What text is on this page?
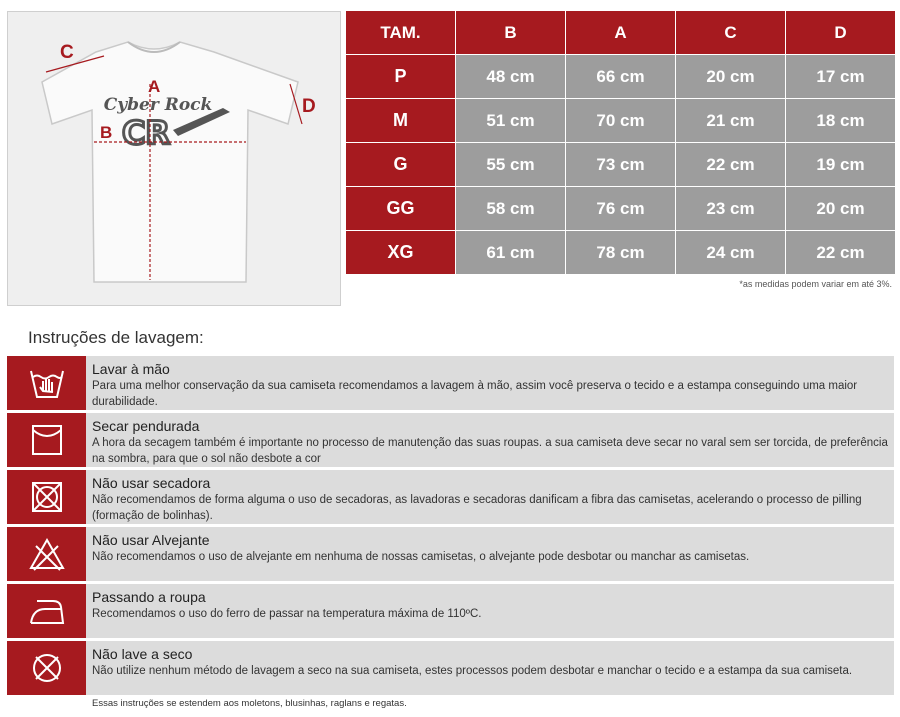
Cyber Rock
CR
A
B
C
D
TAM.	B	A	C	D
P	48 cm	66 cm	20 cm	17 cm
M	51 cm	70 cm	21 cm	18 cm
G	55 cm	73 cm	22 cm	19 cm
GG	58 cm	76 cm	23 cm	20 cm
XG	61 cm	78 cm	24 cm	22 cm
*as medidas podem variar em até 3%.
Instruções de lavagem:
Lavar à mão
Para uma melhor conservação da sua camiseta recomendamos a lavagem à mão, assim você preserva o tecido e a estampa conseguindo uma maior durabilidade.
Secar pendurada
A hora da secagem também é importante no processo de manutenção das suas roupas. a sua camiseta deve secar no varal sem ser torcida, de preferência na sombra, para que o sol não desbote a cor
Não usar secadora
Não recomendamos de forma alguma o uso de secadoras, as lavadoras e secadoras danificam a fibra das camisetas, acelerando o processo de pilling (formação de bolinhas).
Não usar Alvejante
Não recomendamos o uso de alvejante em nenhuma de nossas camisetas, o alvejante pode desbotar ou manchar as camisetas.
Passando a roupa
Recomendamos o uso do ferro de passar na temperatura máxima de 110ºC.
Não lave a seco
Não utilize nenhum método de lavagem a seco na sua camiseta, estes processos podem desbotar e manchar o tecido e a estampa da sua camiseta.
Essas instruções se estendem aos moletons, blusinhas, raglans e regatas.
